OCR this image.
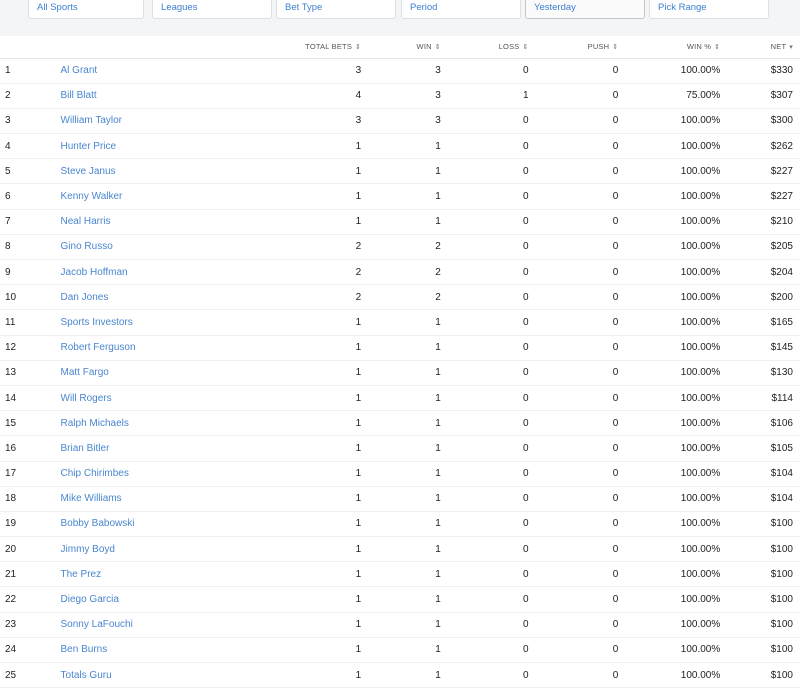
All Sports	Leagues	Bet Type	Period	Yesterday	Pick Range
		TOTAL BETS ⇕	WIN ⇕	LOSS ⇕	PUSH ⇕	WIN % ⇕	NET ▾
1	Al Grant	3	3	0	0	100.00%	$330
2	Bill Blatt	4	3	1	0	75.00%	$307
3	William Taylor	3	3	0	0	100.00%	$300
4	Hunter Price	1	1	0	0	100.00%	$262
5	Steve Janus	1	1	0	0	100.00%	$227
6	Kenny Walker	1	1	0	0	100.00%	$227
7	Neal Harris	1	1	0	0	100.00%	$210
8	Gino Russo	2	2	0	0	100.00%	$205
9	Jacob Hoffman	2	2	0	0	100.00%	$204
10	Dan Jones	2	2	0	0	100.00%	$200
11	Sports Investors	1	1	0	0	100.00%	$165
12	Robert Ferguson	1	1	0	0	100.00%	$145
13	Matt Fargo	1	1	0	0	100.00%	$130
14	Will Rogers	1	1	0	0	100.00%	$114
15	Ralph Michaels	1	1	0	0	100.00%	$106
16	Brian Bitler	1	1	0	0	100.00%	$105
17	Chip Chirimbes	1	1	0	0	100.00%	$104
18	Mike Williams	1	1	0	0	100.00%	$104
19	Bobby Babowski	1	1	0	0	100.00%	$100
20	Jimmy Boyd	1	1	0	0	100.00%	$100
21	The Prez	1	1	0	0	100.00%	$100
22	Diego Garcia	1	1	0	0	100.00%	$100
23	Sonny LaFouchi	1	1	0	0	100.00%	$100
24	Ben Burns	1	1	0	0	100.00%	$100
25	Totals Guru	1	1	0	0	100.00%	$100
